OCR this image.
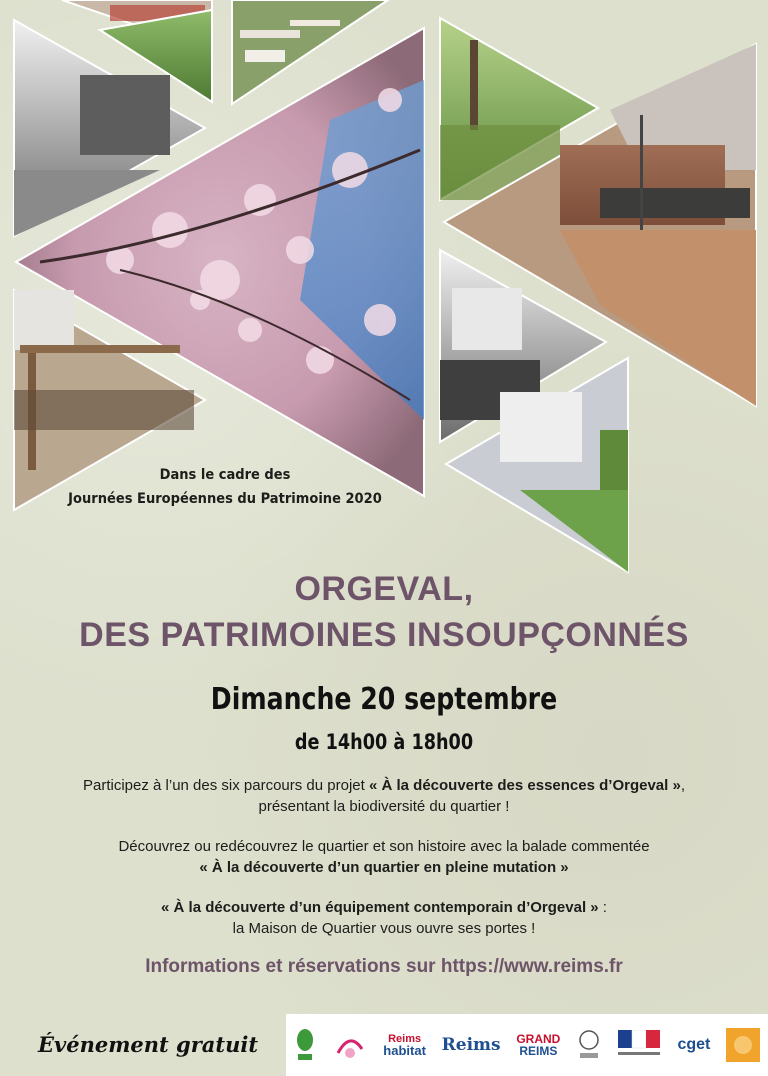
Dans le cadre des
Journées Européennes du Patrimoine 2020
ORGEVAL,
DES PATRIMOINES INSOUPÇONNÉS
Dimanche 20 septembre
de 14h00 à 18h00
Participez à l’un des six parcours du projet « À la découverte des essences d’Orgeval »,
présentant la biodiversité du quartier !
Découvrez ou redécouvrez le quartier et son histoire avec la balade commentée
« À la découverte d’un quartier en pleine mutation »
« À la découverte d’un équipement contemporain d’Orgeval » :
la Maison de Quartier vous ouvre ses portes !
Informations et réservations sur https://www.reims.fr
Événement gratuit	Reims
habitat Reims GRAND
REIMS	cget
